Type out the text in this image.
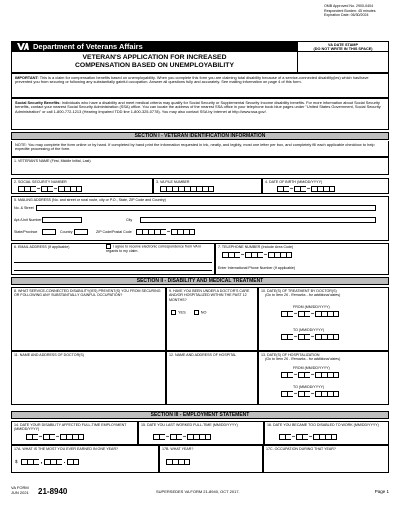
OMB Approved No. 2900-0404
Respondent Burden: 45 minutes
Expiration Date: 06/30/2024
Department of Veterans Affairs	VA DATE STAMP
(DO NOT WRITE IN THIS SPACE)
VETERAN'S APPLICATION FOR INCREASED
COMPENSATION BASED ON UNEMPLOYABILITY
IMPORTANT: This is a claim for compensation benefits based on unemployability. When you complete this form you are claiming total disability because of a service-connected disability(ies) which has/have prevented you from securing or following any substantially gainful occupation. Answer all questions fully and accurately. See mailing information on page 4 of this form.
Social Security Benefits: Individuals who have a disability and meet medical criteria may qualify for Social Security or Supplemental Security Income disability benefits. For more information about Social Security benefits, contact your nearest Social Security Administration (SSA) office. You can locate the address of the nearest SSA office in your telephone book blue pages under "United States Government, Social Security Administration" or call 1-800-772-1213 (Hearing Impaired TDD line 1-800-325-0778). You may also contact SSA by Internet at http://www.ssa.gov/.
SECTION I - VETERAN IDENTIFICATION INFORMATION
NOTE: You may complete the form online or by hand. If completed by hand print the information requested in ink, neatly, and legibly, most one letter per box, and completely fill each applicable checkbox to help expedite processing of the form.
1. VETERAN'S NAME (First, Middle Initial, Last)
2. SOCIAL SECURITY NUMBER
– –
3. VA FILE NUMBER	4. DATE OF BIRTH (MM/DD/YYYY)
– –
5. MAILING ADDRESS (No. and street or rural route, city or P.O., State, ZIP Code and Country)
No. & Street
Apt./Unit Number	City
State/Province	Country	ZIP Code/Postal Code	–
6. EMAIL ADDRESS (If applicable)	I agree to receive electronic correspondence from VA in regards to my claim.
7. TELEPHONE NUMBER (Include Area Code)
–	–
Enter International Phone Number (If applicable)
SECTION II - DISABILITY AND MEDICAL TREATMENT
8. WHAT SERVICE-CONNECTED DISABILITY(IES) PREVENT(S) YOU FROM SECURING OR FOLLOWING ANY SUBSTANTIALLY GAINFUL OCCUPATION?
9. HAVE YOU BEEN UNDER A DOCTOR'S CARE AND/OR HOSPITALIZED WITHIN THE PAST 12 MONTHS?
YES	NO
10. DATE(S) OF TREATMENT BY DOCTOR(S)
(Go to Item 26 - Remarks - for additional dates)
FROM (MM/DD/YYYY)
– –
TO (MM/DD/YYYY)
– –
11. NAME AND ADDRESS OF DOCTOR(S)	12. NAME AND ADDRESS OF HOSPITAL	13. DATE(S) OF HOSPITALIZATION
(Go to Item 26 - Remarks - for additional dates)
FROM (MM/DD/YYYY)
– –
TO (MM/DD/YYYY)
– –
SECTION III - EMPLOYMENT STATEMENT
14. DATE YOUR DISABILITY AFFECTED FULL-TIME EMPLOYMENT (MM/DD/YYYY)
– –
15. DATE YOU LAST WORKED FULL-TIME (MM/DD/YYYY)
– –
16. DATE YOU BECAME TOO DISABLED TO WORK (MM/DD/YYYY)
– –
17A. WHAT IS THE MOST YOU EVER EARNED IN ONE YEAR?
$	,	.
17B. WHAT YEAR?	17C. OCCUPATION DURING THAT YEAR?
VA FORM
JUN 2021 21-8940	SUPERSEDES VA FORM 21-8940, OCT 2017.	Page 1
